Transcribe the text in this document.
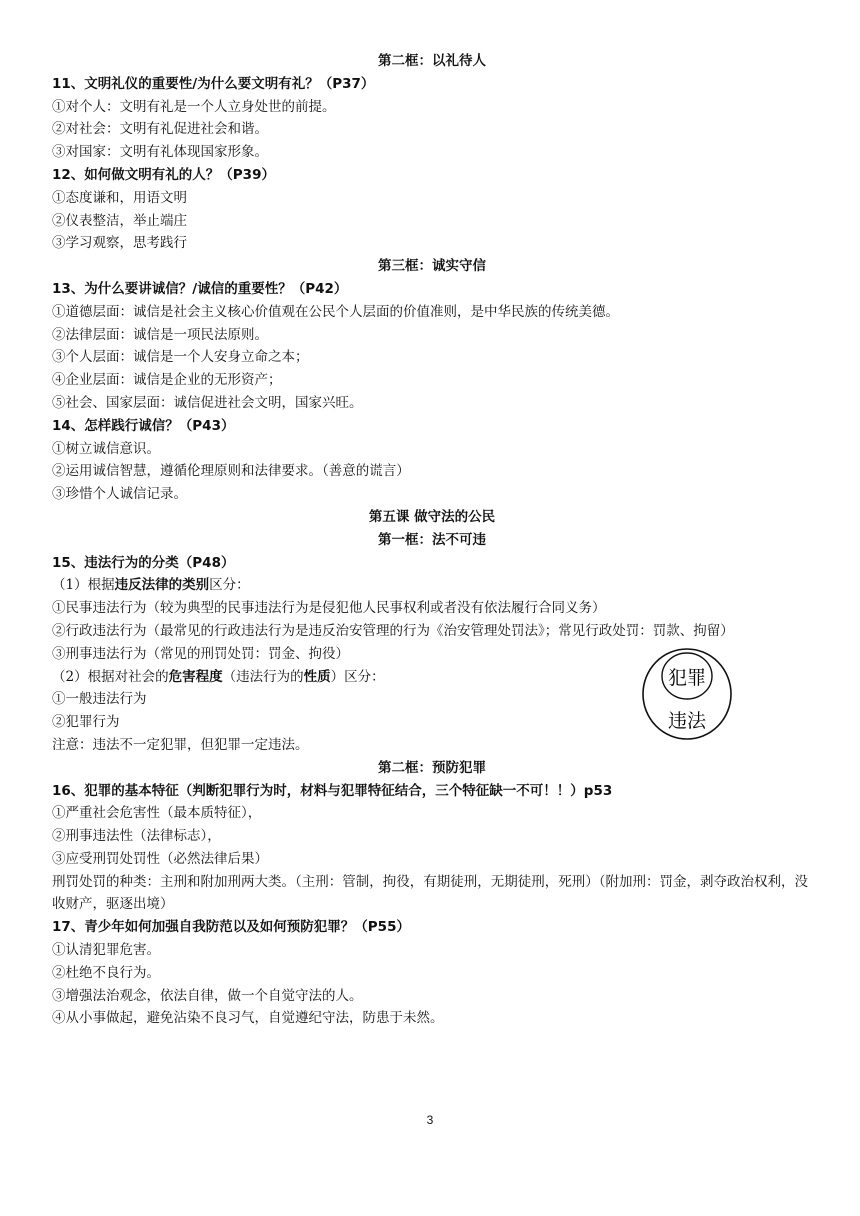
第二框：以礼待人
11、文明礼仪的重要性/为什么要文明有礼？（P37）
①对个人：文明有礼是一个人立身处世的前提。
②对社会：文明有礼促进社会和谐。
③对国家：文明有礼体现国家形象。
12、如何做文明有礼的人？（P39）
①态度谦和，用语文明
②仪表整洁，举止端庄
③学习观察，思考践行
第三框：诚实守信
13、为什么要讲诚信？/诚信的重要性？（P42）
①道德层面：诚信是社会主义核心价值观在公民个人层面的价值准则，是中华民族的传统美德。
②法律层面：诚信是一项民法原则。
③个人层面：诚信是一个人安身立命之本；
④企业层面：诚信是企业的无形资产；
⑤社会、国家层面：诚信促进社会文明，国家兴旺。
14、怎样践行诚信？（P43）
①树立诚信意识。
②运用诚信智慧，遵循伦理原则和法律要求。（善意的谎言）
③珍惜个人诚信记录。
第五课 做守法的公民
第一框：法不可违
15、违法行为的分类（P48）
（1）根据违反法律的类别区分：
①民事违法行为（较为典型的民事违法行为是侵犯他人民事权利或者没有依法履行合同义务）
②行政违法行为（最常见的行政违法行为是违反治安管理的行为《治安管理处罚法》；常见行政处罚：罚款、拘留）
③刑事违法行为（常见的刑罚处罚：罚金、拘役）
（2）根据对社会的危害程度（违法行为的性质）区分：
①一般违法行为
②犯罪行为
注意：违法不一定犯罪，但犯罪一定违法。
第二框：预防犯罪
16、犯罪的基本特征（判断犯罪行为时，材料与犯罪特征结合，三个特征缺一不可！！）p53
①严重社会危害性（最本质特征），
②刑事违法性（法律标志），
③应受刑罚处罚性（必然法律后果）
刑罚处罚的种类：主刑和附加刑两大类。（主刑：管制，拘役，有期徒刑，无期徒刑，死刑）（附加刑：罚金，剥夺政治权利，没收财产，驱逐出境）
17、青少年如何加强自我防范以及如何预防犯罪？（P55）
①认清犯罪危害。
②杜绝不良行为。
③增强法治观念，依法自律，做一个自觉守法的人。
④从小事做起，避免沾染不良习气，自觉遵纪守法，防患于未然。
犯罪
违法
3
